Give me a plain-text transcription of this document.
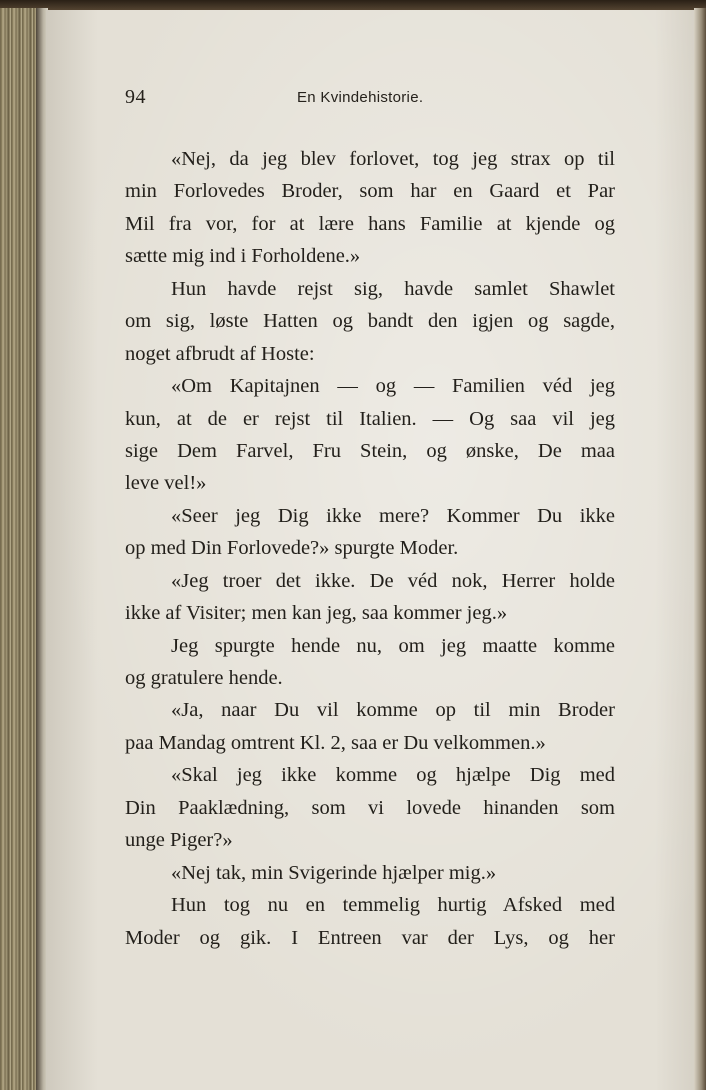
94	En Kvindehistorie.
«Nej, da jeg blev forlovet, tog jeg strax op til
min Forlovedes Broder, som har en Gaard et Par
Mil fra vor, for at lære hans Familie at kjende og
sætte mig ind i Forholdene.»
Hun havde rejst sig, havde samlet Shawlet
om sig, løste Hatten og bandt den igjen og sagde,
noget afbrudt af Hoste:
«Om Kapitajnen — og — Familien véd jeg
kun, at de er rejst til Italien. — Og saa vil jeg
sige Dem Farvel, Fru Stein, og ønske, De maa
leve vel!»
«Seer jeg Dig ikke mere? Kommer Du ikke
op med Din Forlovede?» spurgte Moder.
«Jeg troer det ikke. De véd nok, Herrer holde
ikke af Visiter; men kan jeg, saa kommer jeg.»
Jeg spurgte hende nu, om jeg maatte komme
og gratulere hende.
«Ja, naar Du vil komme op til min Broder
paa Mandag omtrent Kl. 2, saa er Du velkommen.»
«Skal jeg ikke komme og hjælpe Dig med
Din Paaklædning, som vi lovede hinanden som
unge Piger?»
«Nej tak, min Svigerinde hjælper mig.»
Hun tog nu en temmelig hurtig Afsked med
Moder og gik. I Entreen var der Lys, og her
